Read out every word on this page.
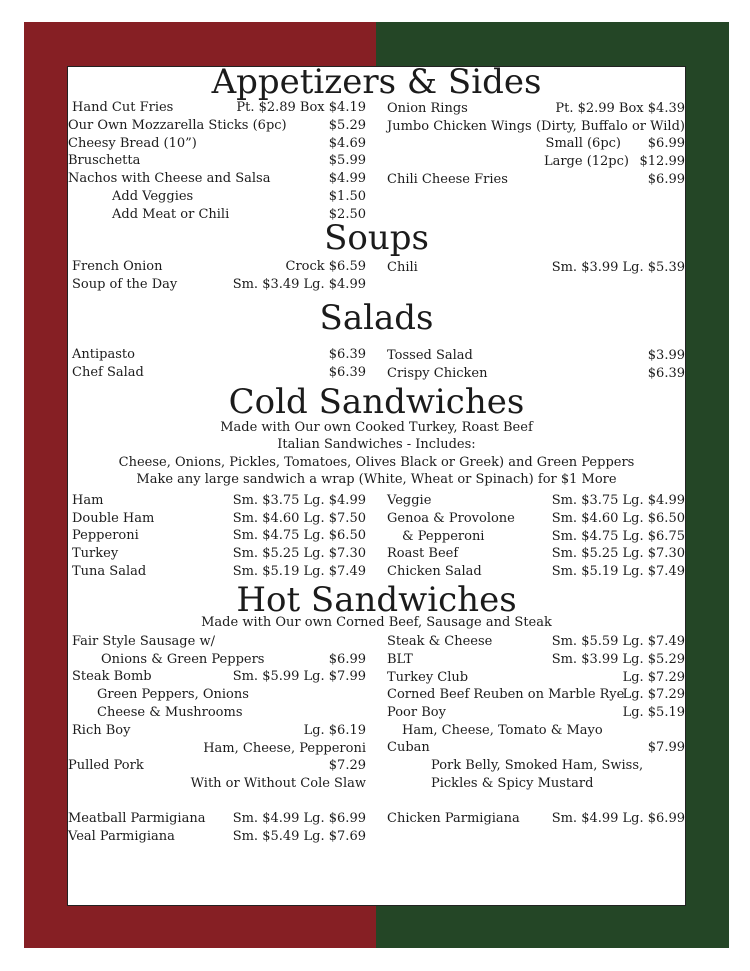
Appetizers & Sides
Hand Cut Fries	Pt. $2.89 Box $4.19
Our Own Mozzarella Sticks (6pc)	$5.29
Cheesy Bread (10”)	$4.69
Bruschetta	$5.99
Nachos with Cheese and Salsa	$4.99
Add Veggies	$1.50
Add Meat or Chili	$2.50
Onion Rings	Pt. $2.99 Box $4.39
Jumbo Chicken Wings (Dirty, Buffalo or Wild)
Small (6pc) $6.99
Large (12pc) $12.99
Chili Cheese Fries	$6.99
Soups
French Onion	Crock $6.59
Soup of the Day	Sm. $3.49 Lg. $4.99
Chili	Sm. $3.99 Lg. $5.39
Salads
Antipasto	$6.39
Chef Salad	$6.39
Tossed Salad	$3.99
Crispy Chicken	$6.39
Cold Sandwiches
Made with Our own Cooked Turkey, Roast Beef
Italian Sandwiches - Includes:
Cheese, Onions, Pickles, Tomatoes, Olives Black or Greek) and Green Peppers
Make any large sandwich a wrap (White, Wheat or Spinach) for $1 More
Ham	Sm. $3.75 Lg. $4.99
Double Ham	Sm. $4.60 Lg. $7.50
Pepperoni	Sm. $4.75 Lg. $6.50
Turkey	Sm. $5.25 Lg. $7.30
Tuna Salad	Sm. $5.19 Lg. $7.49
Veggie	Sm. $3.75 Lg. $4.99
Genoa & Provolone	Sm. $4.60 Lg. $6.50
& Pepperoni	Sm. $4.75 Lg. $6.75
Roast Beef	Sm. $5.25 Lg. $7.30
Chicken Salad	Sm. $5.19 Lg. $7.49
Hot Sandwiches
Made with Our own Corned Beef, Sausage and Steak
Fair Style Sausage w/
Onions & Green Peppers	$6.99
Steak Bomb	Sm. $5.99 Lg. $7.99
Green Peppers, Onions
Cheese & Mushrooms
Rich Boy	Lg. $6.19
Ham, Cheese, Pepperoni
Pulled Pork	$7.29
With or Without Cole Slaw
Meatball Parmigiana Sm. $4.99 Lg. $6.99
Veal Parmigiana	Sm. $5.49 Lg. $7.69
Steak & Cheese	Sm. $5.59 Lg. $7.49
BLT	Sm. $3.99 Lg. $5.29
Turkey Club	Lg. $7.29
Corned Beef Reuben on Marble Rye
Lg. $7.29
Poor Boy	Lg. $5.19
Ham, Cheese, Tomato & Mayo
Cuban	$7.99
Pork Belly, Smoked Ham, Swiss,
Pickles & Spicy Mustard
Chicken Parmigiana Sm. $4.99 Lg. $6.99
